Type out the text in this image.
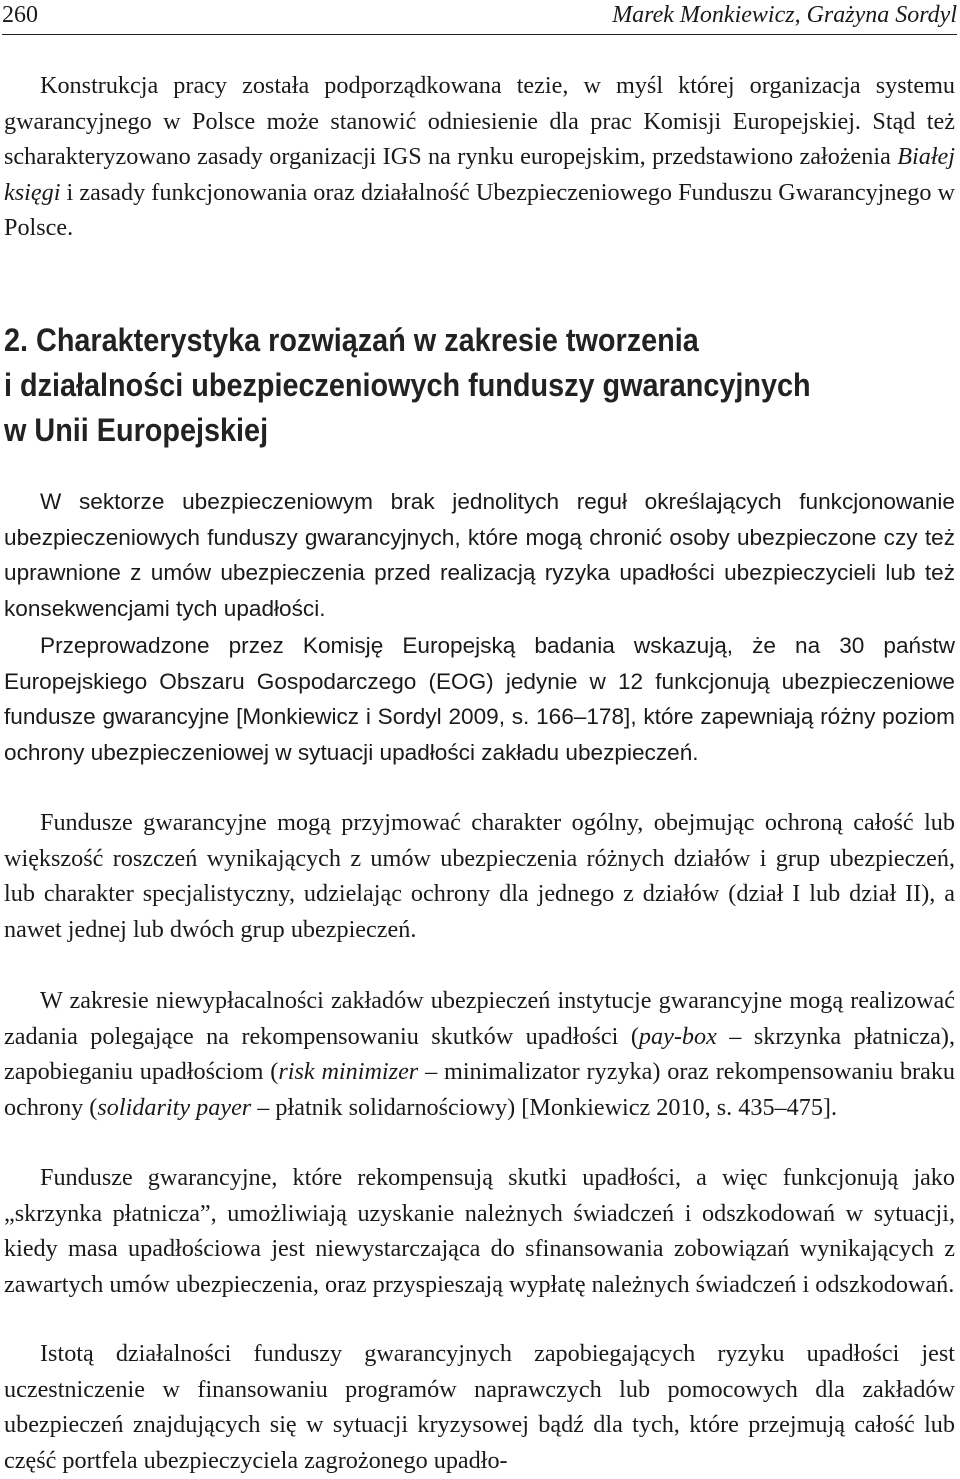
260	Marek Monkiewicz, Grażyna Sordyl

Konstrukcja pracy została podporządkowana tezie, w myśl której organizacja systemu gwarancyjnego w Polsce może stanowić odniesienie dla prac Komisji Europejskiej. Stąd też scharakteryzowano zasady organizacji IGS na rynku europejskim, przedstawiono założenia Białej księgi i zasady funkcjonowania oraz działalność Ubezpieczeniowego Funduszu Gwarancyjnego w Polsce.

2. Charakterystyka rozwiązań w zakresie tworzenia
i działalności ubezpieczeniowych funduszy gwarancyjnych
w Unii Europejskiej

W sektorze ubezpieczeniowym brak jednolitych reguł określających funkcjonowanie ubezpieczeniowych funduszy gwarancyjnych, które mogą chronić osoby ubezpieczone czy też uprawnione z umów ubezpieczenia przed realizacją ryzyka upadłości ubezpieczycieli lub też konsekwencjami tych upadłości.

Przeprowadzone przez Komisję Europejską badania wskazują, że na 30 państw Europejskiego Obszaru Gospodarczego (EOG) jedynie w 12 funkcjonują ubezpieczeniowe fundusze gwarancyjne [Monkiewicz i Sordyl 2009, s. 166–178], które zapewniają różny poziom ochrony ubezpieczeniowej w sytuacji upadłości zakładu ubezpieczeń.

Fundusze gwarancyjne mogą przyjmować charakter ogólny, obejmując ochroną całość lub większość roszczeń wynikających z umów ubezpieczenia różnych działów i grup ubezpieczeń, lub charakter specjalistyczny, udzielając ochrony dla jednego z działów (dział I lub dział II), a nawet jednej lub dwóch grup ubezpieczeń.

W zakresie niewypłacalności zakładów ubezpieczeń instytucje gwarancyjne mogą realizować zadania polegające na rekompensowaniu skutków upadłości (pay-box – skrzynka płatnicza), zapobieganiu upadłościom (risk minimizer – minimalizator ryzyka) oraz rekompensowaniu braku ochrony (solidarity payer – płatnik solidarnościowy) [Monkiewicz 2010, s. 435–475].

Fundusze gwarancyjne, które rekompensują skutki upadłości, a więc funkcjonują jako „skrzynka płatnicza”, umożliwiają uzyskanie należnych świadczeń i odszkodowań w sytuacji, kiedy masa upadłościowa jest niewystarczająca do sfinansowania zobowiązań wynikających z zawartych umów ubezpieczenia, oraz przyspieszają wypłatę należnych świadczeń i odszkodowań.

Istotą działalności funduszy gwarancyjnych zapobiegających ryzyku upadłości jest uczestniczenie w finansowaniu programów naprawczych lub pomocowych dla zakładów ubezpieczeń znajdujących się w sytuacji kryzysowej bądź dla tych, które przejmują całość lub część portfela ubezpieczyciela zagrożonego upadło-
